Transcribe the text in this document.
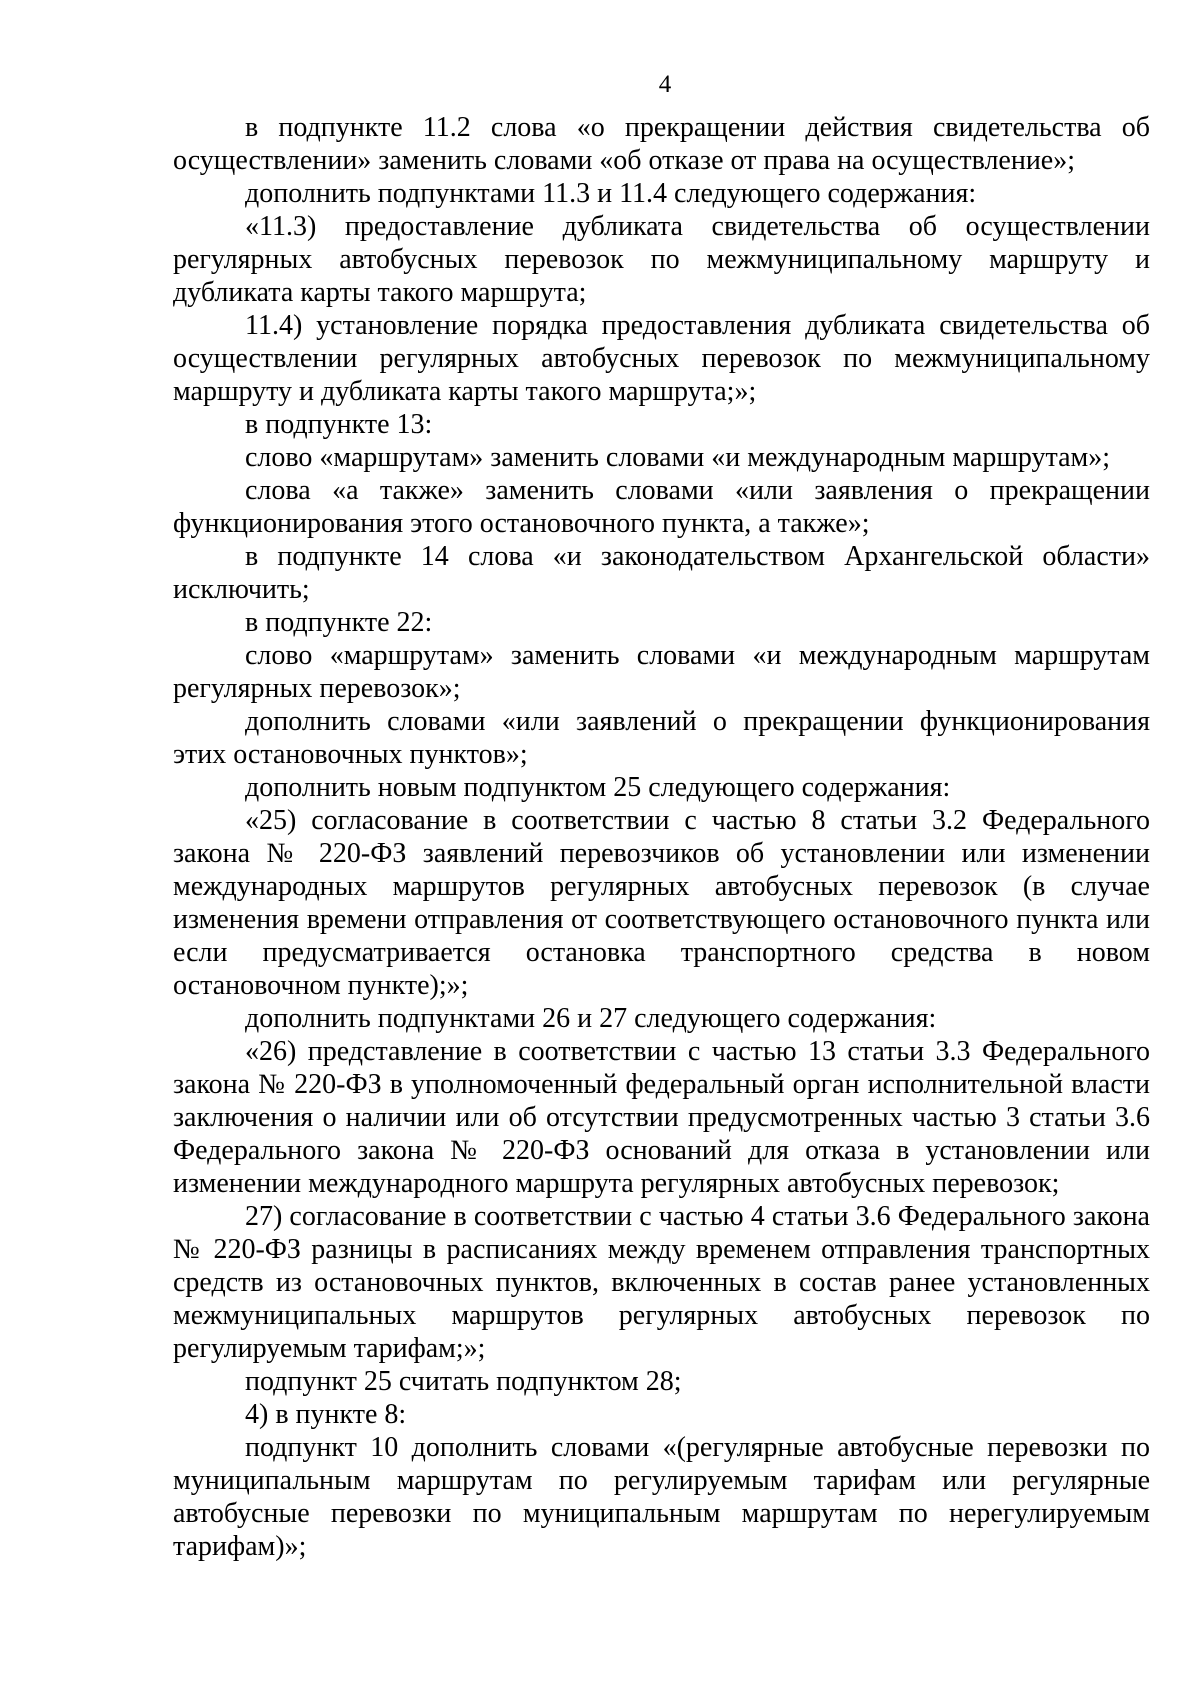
4

в подпункте 11.2 слова «о прекращении действия свидетельства об осуществлении» заменить словами «об отказе от права на осуществление»;

дополнить подпунктами 11.3 и 11.4 следующего содержания:

«11.3) предоставление дубликата свидетельства об осуществлении регулярных автобусных перевозок по межмуниципальному маршруту и дубликата карты такого маршрута;

11.4) установление порядка предоставления дубликата свидетельства об осуществлении регулярных автобусных перевозок по межмуниципальному маршруту и дубликата карты такого маршрута;»;

в подпункте 13:

слово «маршрутам» заменить словами «и международным маршрутам»;

слова «а также» заменить словами «или заявления о прекращении функционирования этого остановочного пункта, а также»;

в подпункте 14 слова «и законодательством Архангельской области» исключить;

в подпункте 22:

слово «маршрутам» заменить словами «и международным маршрутам регулярных перевозок»;

дополнить словами «или заявлений о прекращении функционирования этих остановочных пунктов»;

дополнить новым подпунктом 25 следующего содержания:

«25) согласование в соответствии с частью 8 статьи 3.2 Федерального закона № 220-ФЗ заявлений перевозчиков об установлении или изменении международных маршрутов регулярных автобусных перевозок (в случае изменения времени отправления от соответствующего остановочного пункта или если предусматривается остановка транспортного средства в новом остановочном пункте);»;

дополнить подпунктами 26 и 27 следующего содержания:

«26) представление в соответствии с частью 13 статьи 3.3 Федерального закона № 220-ФЗ в уполномоченный федеральный орган исполнительной власти заключения о наличии или об отсутствии предусмотренных частью 3 статьи 3.6 Федерального закона № 220-ФЗ оснований для отказа в установлении или изменении международного маршрута регулярных автобусных перевозок;

27) согласование в соответствии с частью 4 статьи 3.6 Федерального закона № 220-ФЗ разницы в расписаниях между временем отправления транспортных средств из остановочных пунктов, включенных в состав ранее установленных межмуниципальных маршрутов регулярных автобусных перевозок по регулируемым тарифам;»;

подпункт 25 считать подпунктом 28;

4) в пункте 8:

подпункт 10 дополнить словами «(регулярные автобусные перевозки по муниципальным маршрутам по регулируемым тарифам или регулярные автобусные перевозки по муниципальным маршрутам по нерегулируемым тарифам)»;
